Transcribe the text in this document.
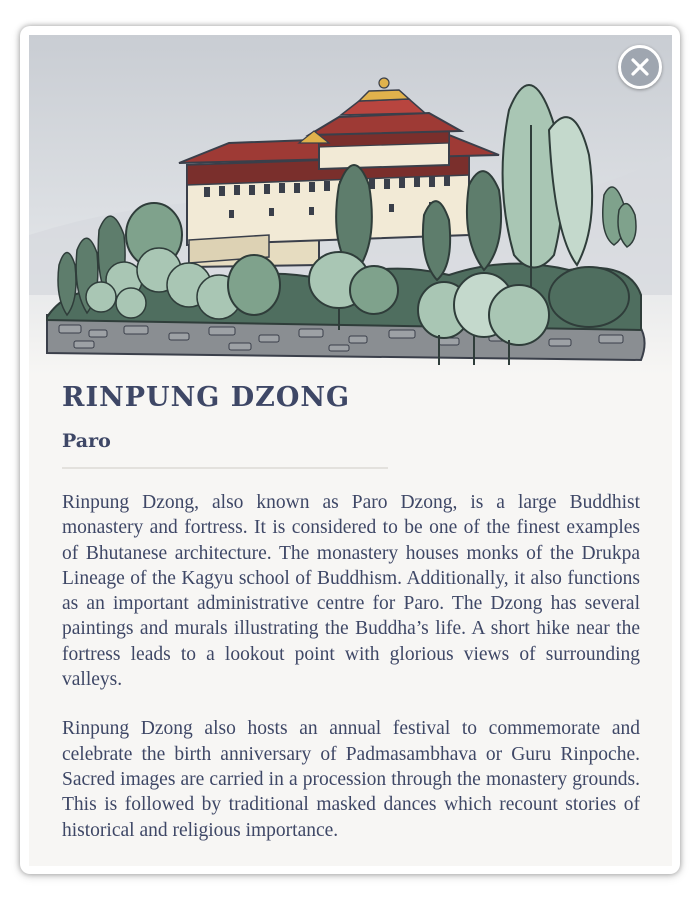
RINPUNG DZONG
Paro

Rinpung Dzong, also known as Paro Dzong, is a large Buddhist monastery and fortress. It is considered to be one of the finest examples of Bhutanese architecture. The monastery houses monks of the Drukpa Lineage of the Kagyu school of Buddhism. Additionally, it also functions as an important administrative centre for Paro. The Dzong has several paintings and murals illustrating the Buddha’s life. A short hike near the fortress leads to a lookout point with glorious views of surrounding valleys.

Rinpung Dzong also hosts an annual festival to commemorate and celebrate the birth anniversary of Padmasambhava or Guru Rinpoche. Sacred images are carried in a procession through the monastery grounds. This is followed by traditional masked dances which recount stories of historical and religious importance.
